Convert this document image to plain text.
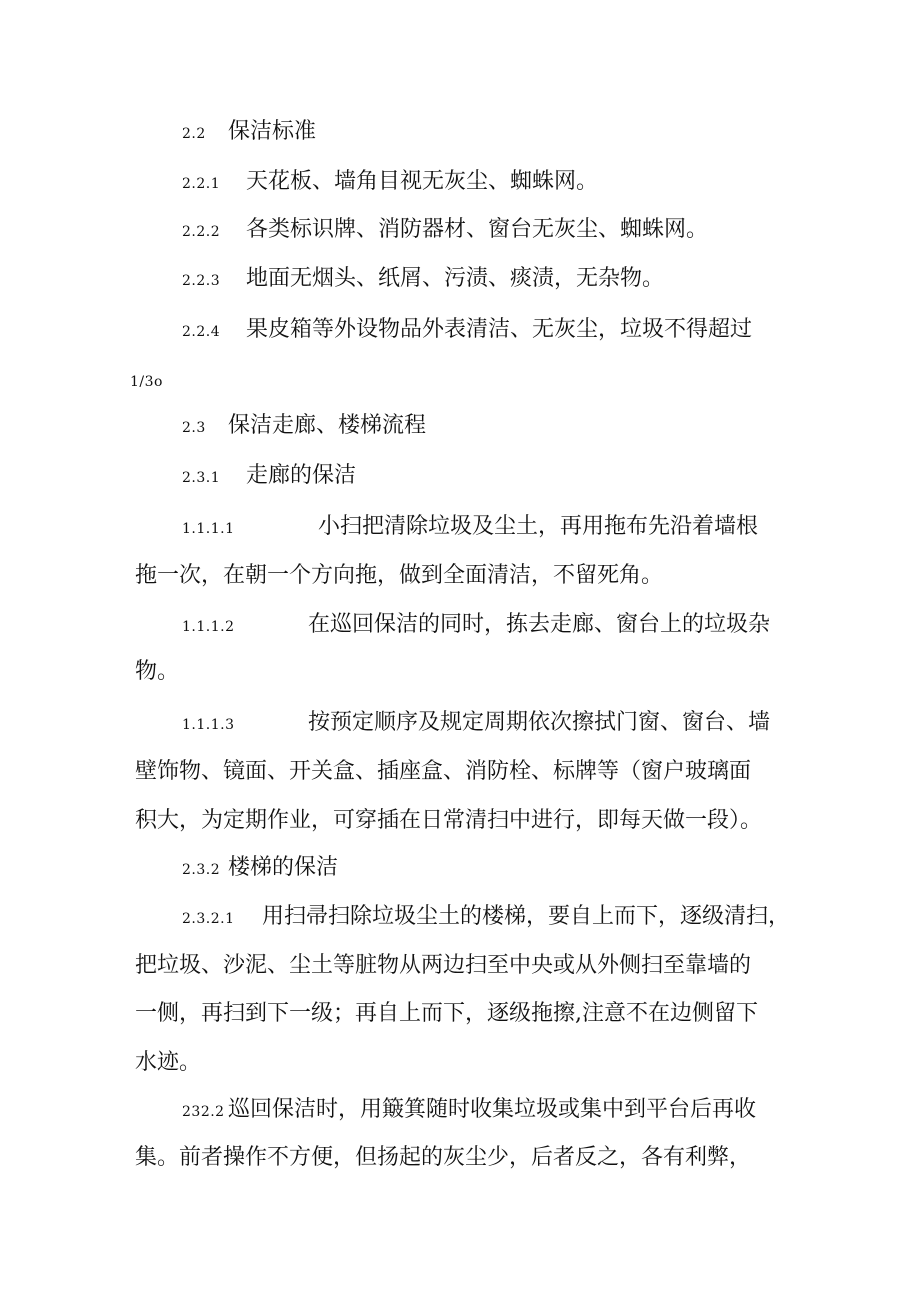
2.2 保洁标准
2.2.1 天花板、墙角目视无灰尘、蜘蛛网。
2.2.2 各类标识牌、消防器材、窗台无灰尘、蜘蛛网。
2.2.3 地面无烟头、纸屑、污渍、痰渍，无杂物。
2.2.4 果皮箱等外设物品外表清洁、无灰尘，垃圾不得超过
1/3o
2.3 保洁走廊、楼梯流程
2.3.1 走廊的保洁
1.1.1.1	小扫把清除垃圾及尘土，再用拖布先沿着墙根
拖一次，在朝一个方向拖，做到全面清洁，不留死角。
1.1.1.2	在巡回保洁的同时，拣去走廊、窗台上的垃圾杂
物。
1.1.1.3	按预定顺序及规定周期依次擦拭门窗、窗台、墙
壁饰物、镜面、开关盒、插座盒、消防栓、标牌等（窗户玻璃面
积大，为定期作业，可穿插在日常清扫中进行，即每天做一段）。
2.3.2 楼梯的保洁
2.3.2.1 用扫帚扫除垃圾尘土的楼梯，要自上而下，逐级清扫，
把垃圾、沙泥、尘土等脏物从两边扫至中央或从外侧扫至靠墙的
一侧，再扫到下一级；再自上而下，逐级拖擦,注意不在边侧留下
水迹。
232.2 巡回保洁时，用簸箕随时收集垃圾或集中到平台后再收
集。前者操作不方便，但扬起的灰尘少，后者反之，各有利弊，
